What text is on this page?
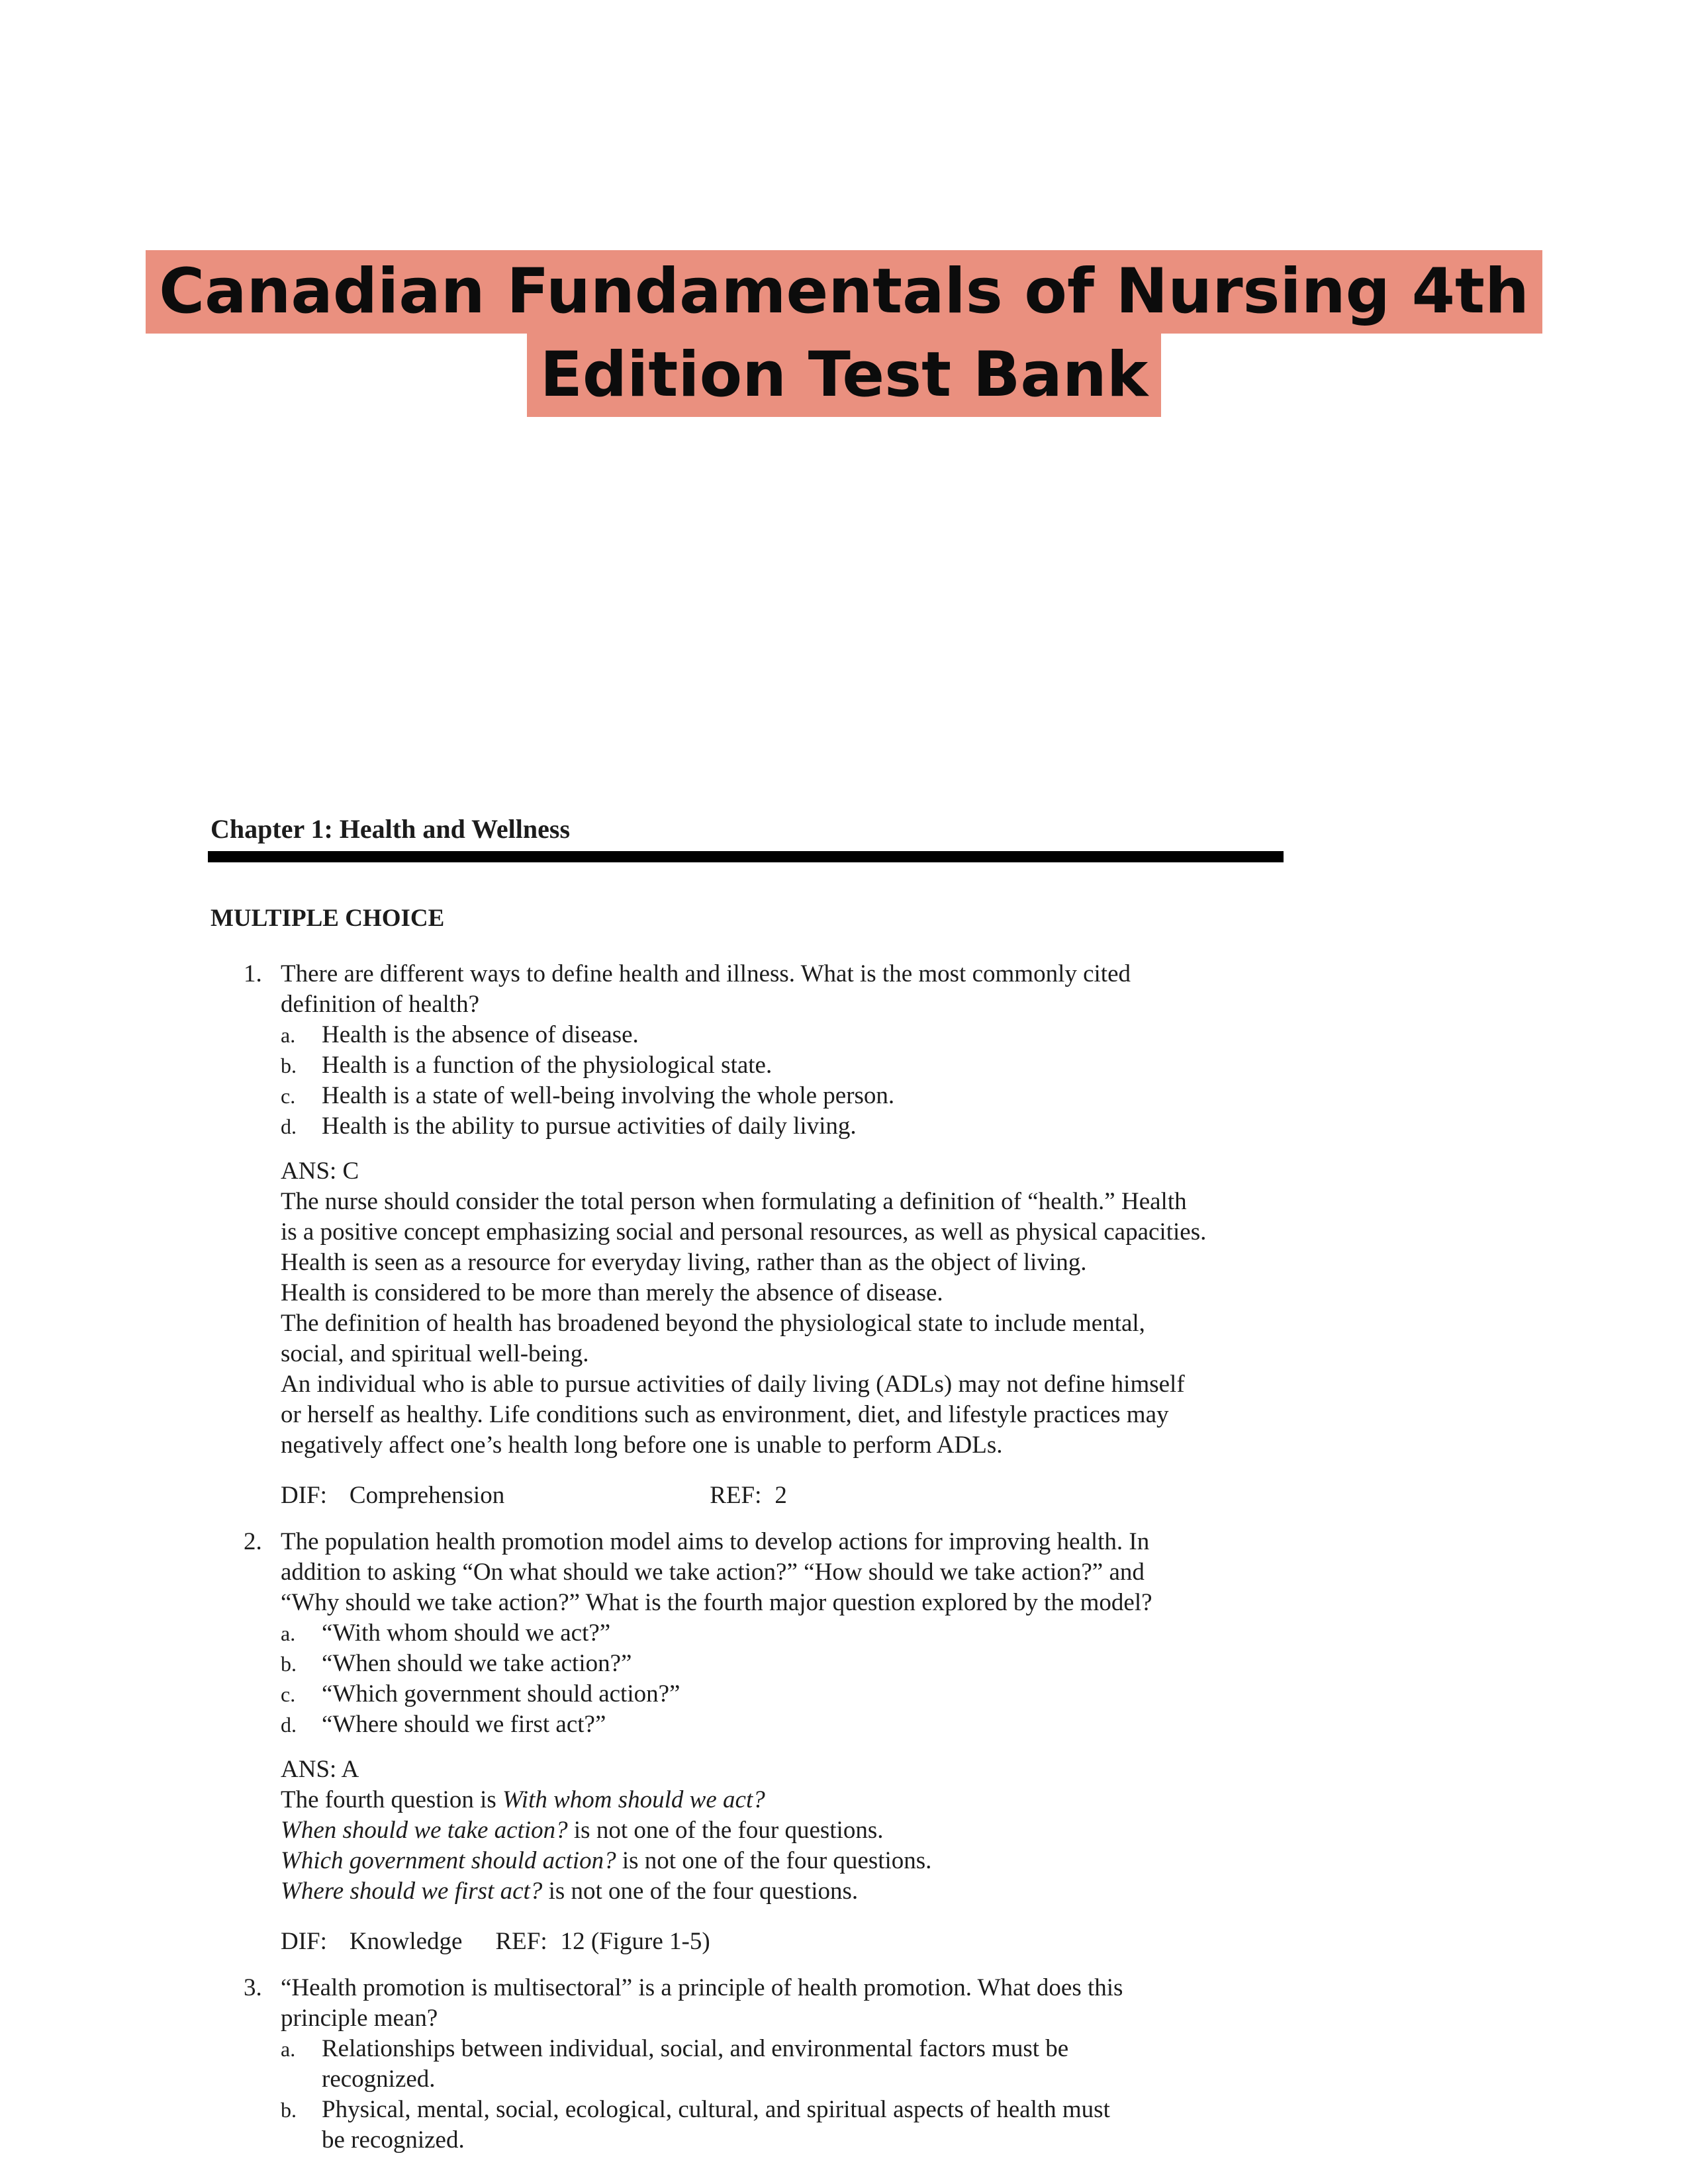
Canadian Fundamentals of Nursing 4th
Edition Test Bank
Chapter 1: Health and Wellness
MULTIPLE CHOICE
1. There are different ways to define health and illness. What is the most commonly cited
definition of health?
a. Health is the absence of disease.
b. Health is a function of the physiological state.
c. Health is a state of well-being involving the whole person.
d. Health is the ability to pursue activities of daily living.
ANS: C
The nurse should consider the total person when formulating a definition of “health.” Health
is a positive concept emphasizing social and personal resources, as well as physical capacities.
Health is seen as a resource for everyday living, rather than as the object of living.
Health is considered to be more than merely the absence of disease.
The definition of health has broadened beyond the physiological state to include mental,
social, and spiritual well-being.
An individual who is able to pursue activities of daily living (ADLs) may not define himself
or herself as healthy. Life conditions such as environment, diet, and lifestyle practices may
negatively affect one’s health long before one is unable to perform ADLs.
DIF: Comprehension	REF: 2
2. The population health promotion model aims to develop actions for improving health. In
addition to asking “On what should we take action?” “How should we take action?” and
“Why should we take action?” What is the fourth major question explored by the model?
a. “With whom should we act?”
b. “When should we take action?”
c. “Which government should action?”
d. “Where should we first act?”
ANS: A
The fourth question is With whom should we act?
When should we take action? is not one of the four questions.
Which government should action? is not one of the four questions.
Where should we first act? is not one of the four questions.
DIF: Knowledge REF: 12 (Figure 1-5)
3. “Health promotion is multisectoral” is a principle of health promotion. What does this
principle mean?
a. Relationships between individual, social, and environmental factors must be
recognized.
b. Physical, mental, social, ecological, cultural, and spiritual aspects of health must
be recognized.
